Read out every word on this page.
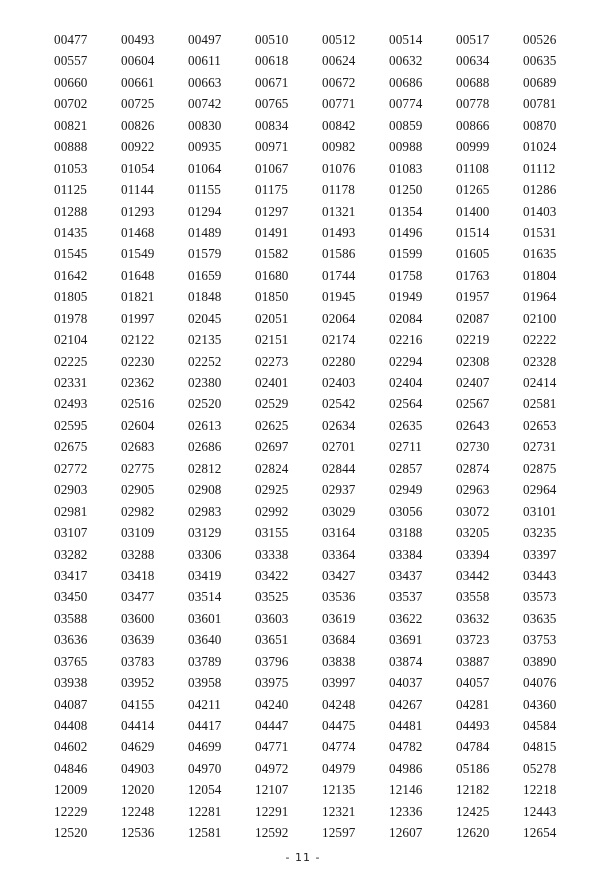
00477	00493	00497	00510	00512	00514	00517	00526
00557	00604	00611	00618	00624	00632	00634	00635
00660	00661	00663	00671	00672	00686	00688	00689
00702	00725	00742	00765	00771	00774	00778	00781
00821	00826	00830	00834	00842	00859	00866	00870
00888	00922	00935	00971	00982	00988	00999	01024
01053	01054	01064	01067	01076	01083	01108	01112
01125	01144	01155	01175	01178	01250	01265	01286
01288	01293	01294	01297	01321	01354	01400	01403
01435	01468	01489	01491	01493	01496	01514	01531
01545	01549	01579	01582	01586	01599	01605	01635
01642	01648	01659	01680	01744	01758	01763	01804
01805	01821	01848	01850	01945	01949	01957	01964
01978	01997	02045	02051	02064	02084	02087	02100
02104	02122	02135	02151	02174	02216	02219	02222
02225	02230	02252	02273	02280	02294	02308	02328
02331	02362	02380	02401	02403	02404	02407	02414
02493	02516	02520	02529	02542	02564	02567	02581
02595	02604	02613	02625	02634	02635	02643	02653
02675	02683	02686	02697	02701	02711	02730	02731
02772	02775	02812	02824	02844	02857	02874	02875
02903	02905	02908	02925	02937	02949	02963	02964
02981	02982	02983	02992	03029	03056	03072	03101
03107	03109	03129	03155	03164	03188	03205	03235
03282	03288	03306	03338	03364	03384	03394	03397
03417	03418	03419	03422	03427	03437	03442	03443
03450	03477	03514	03525	03536	03537	03558	03573
03588	03600	03601	03603	03619	03622	03632	03635
03636	03639	03640	03651	03684	03691	03723	03753
03765	03783	03789	03796	03838	03874	03887	03890
03938	03952	03958	03975	03997	04037	04057	04076
04087	04155	04211	04240	04248	04267	04281	04360
04408	04414	04417	04447	04475	04481	04493	04584
04602	04629	04699	04771	04774	04782	04784	04815
04846	04903	04970	04972	04979	04986	05186	05278
12009	12020	12054	12107	12135	12146	12182	12218
12229	12248	12281	12291	12321	12336	12425	12443
12520	12536	12581	12592	12597	12607	12620	12654
- 11 -
